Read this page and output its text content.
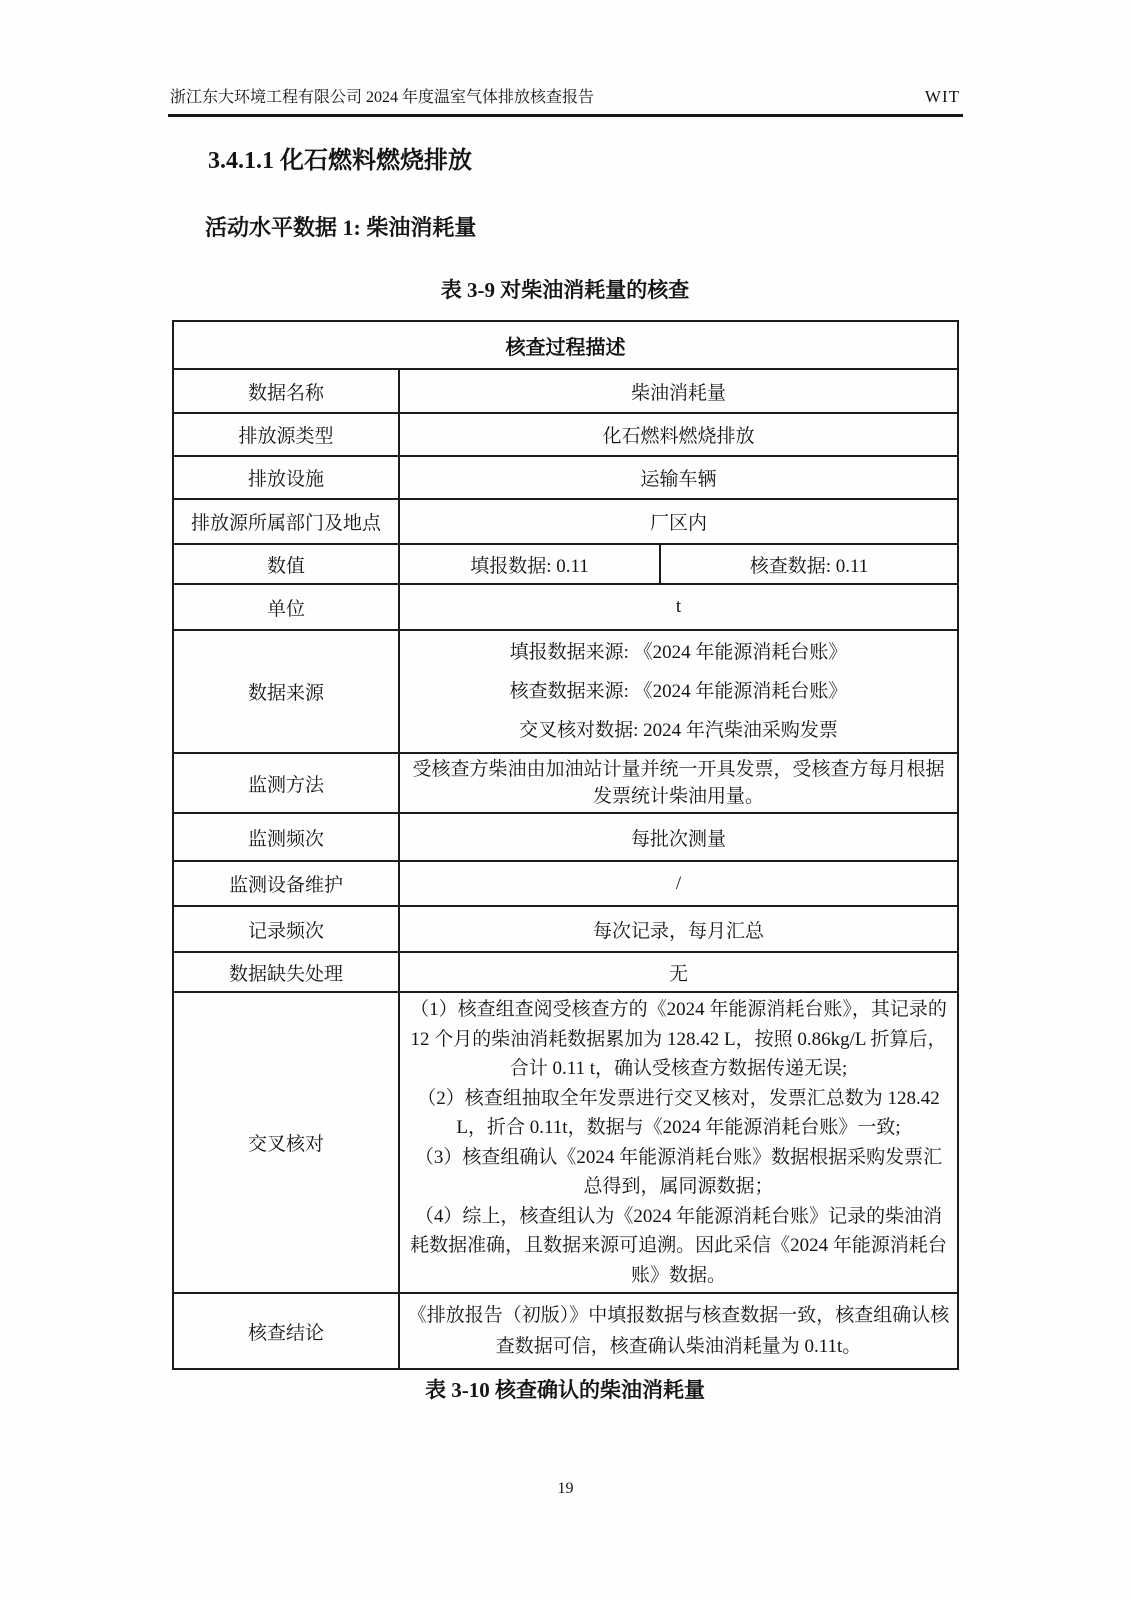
浙江东大环境工程有限公司 2024 年度温室气体排放核查报告	WIT
3.4.1.1 化石燃料燃烧排放
活动水平数据 1: 柴油消耗量
表 3-9 对柴油消耗量的核查
核查过程描述		
数据名称	柴油消耗量	
排放源类型	化石燃料燃烧排放	
排放设施	运输车辆	
排放源所属部门及地点	厂区内	
数值	填报数据: 0.11	核查数据: 0.11
单位	t	
数据来源	填报数据来源: 《2024 年能源消耗台账》
核查数据来源: 《2024 年能源消耗台账》
交叉核对数据: 2024 年汽柴油采购发票	

监测方法	受核查方柴油由加油站计量并统一开具发票，受核查方每月根据发票统计柴油用量。	
监测频次	每批次测量	
监测设备维护	/	
记录频次	每次记录，每月汇总	
数据缺失处理	无	
交叉核对	（1）核查组查阅受核查方的《2024 年能源消耗台账》，其记录的 12 个月的柴油消耗数据累加为 128.42 L，按照 0.86kg/L 折算后，合计 0.11 t，确认受核查方数据传递无误;

（2）核查组抽取全年发票进行交叉核对，发票汇总数为 128.42 L，折合 0.11t，数据与《2024 年能源消耗台账》一致;

（3）核查组确认《2024 年能源消耗台账》数据根据采购发票汇总得到，属同源数据；

（4）综上，核查组认为《2024 年能源消耗台账》记录的柴油消耗数据准确，且数据来源可追溯。因此采信《2024 年能源消耗台账》数据。	

核查结论	《排放报告（初版）》中填报数据与核查数据一致，核查组确认核查数据可信，核查确认柴油消耗量为 0.11t。	
表 3-10 核查确认的柴油消耗量
19
